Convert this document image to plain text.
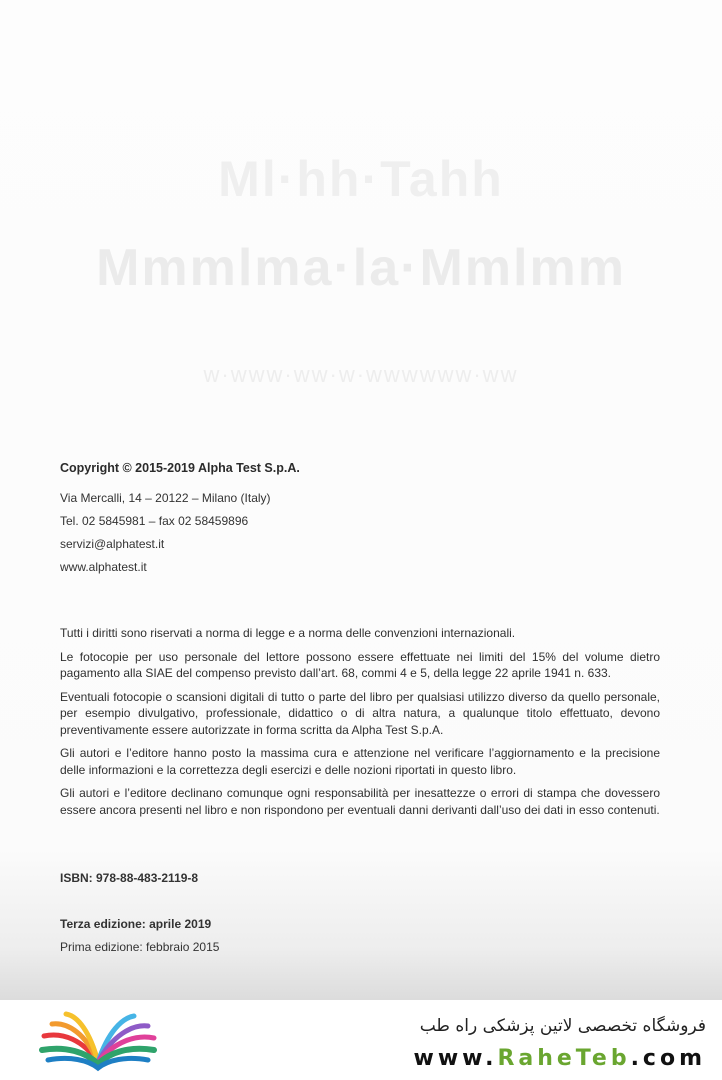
Ml·hh·Tahh
Mmmlma·la·Mmlmm
w·www·ww·w·wwwwww·ww
Copyright © 2015-2019 Alpha Test S.p.A.
Via Mercalli, 14 – 20122 – Milano (Italy)
Tel. 02 5845981 – fax 02 58459896
servizi@alphatest.it
www.alphatest.it

Tutti i diritti sono riservati a norma di legge e a norma delle convenzioni internazionali.

Le fotocopie per uso personale del lettore possono essere effettuate nei limiti del 15% del volume dietro pagamento alla SIAE del compenso previsto dall’art. 68, commi 4 e 5, della legge 22 aprile 1941 n. 633.

Eventuali fotocopie o scansioni digitali di tutto o parte del libro per qualsiasi utilizzo diverso da quello personale, per esempio divulgativo, professionale, didattico o di altra natura, a qualunque titolo effettuato, devono preventivamente essere autorizzate in forma scritta da Alpha Test S.p.A.

Gli autori e l’editore hanno posto la massima cura e attenzione nel verificare l’aggiornamento e la precisione delle informazioni e la correttezza degli esercizi e delle nozioni riportati in questo libro.

Gli autori e l’editore declinano comunque ogni responsabilità per inesattezze o errori di stampa che dovessero essere ancora presenti nel libro e non rispondono per eventuali danni derivanti dall’uso dei dati in esso contenuti.

ISBN: 978-88-483-2119-8
Terza edizione: aprile 2019
Prima edizione: febbraio 2015
فروشگاه تخصصی لاتین پزشکی راه طب
www.RaheTeb.com
